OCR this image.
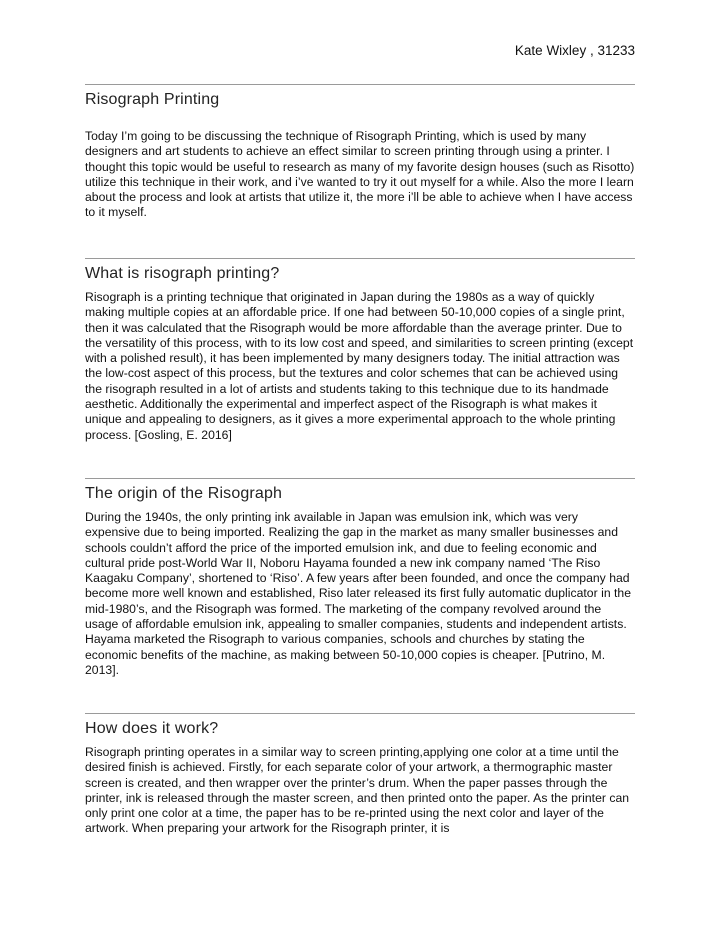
Kate Wixley , 31233
Risograph Printing

Today I’m going to be discussing the technique of Risograph Printing, which is used by many designers and art students to achieve an effect similar to screen printing through using a printer. I thought this topic would be useful to research as many of my favorite design houses (such as Risotto) utilize this technique in their work, and i’ve wanted to try it out myself for a while. Also the more I learn about the process and look at artists that utilize it, the more i’ll be able to achieve when I have access to it myself.

What is risograph printing?

Risograph is a printing technique that originated in Japan during the 1980s as a way of quickly making multiple copies at an affordable price. If one had between 50-10,000 copies of a single print, then it was calculated that the Risograph would be more affordable than the average printer. Due to the versatility of this process, with to its low cost and speed, and similarities to screen printing (except with a polished result), it has been implemented by many designers today. The initial attraction was the low-cost aspect of this process, but the textures and color schemes that can be achieved using the risograph resulted in a lot of artists and students taking to this technique due to its handmade aesthetic. Additionally the experimental and imperfect aspect of the Risograph is what makes it unique and appealing to designers, as it gives a more experimental approach to the whole printing process. [Gosling, E. 2016]

The origin of the Risograph

During the 1940s, the only printing ink available in Japan was emulsion ink, which was very expensive due to being imported. Realizing the gap in the market as many smaller businesses and schools couldn’t afford the price of the imported emulsion ink, and due to feeling economic and cultural pride post-World War II, Noboru Hayama founded a new ink company named ‘The Riso Kaagaku Company’, shortened to ‘Riso’. A few years after been founded, and once the company had become more well known and established, Riso later released its first fully automatic duplicator in the mid-1980’s, and the Risograph was formed. The marketing of the company revolved around the usage of affordable emulsion ink, appealing to smaller companies, students and independent artists. Hayama marketed the Risograph to various companies, schools and churches by stating the economic benefits of the machine, as making between 50-10,000 copies is cheaper. [Putrino, M. 2013].

How does it work?

Risograph printing operates in a similar way to screen printing,applying one color at a time until the desired finish is achieved. Firstly, for each separate color of your artwork, a thermographic master screen is created, and then wrapper over the printer’s drum. When the paper passes through the printer, ink is released through the master screen, and then printed onto the paper. As the printer can only print one color at a time, the paper has to be re-printed using the next color and layer of the artwork. When preparing your artwork for the Risograph printer, it is
